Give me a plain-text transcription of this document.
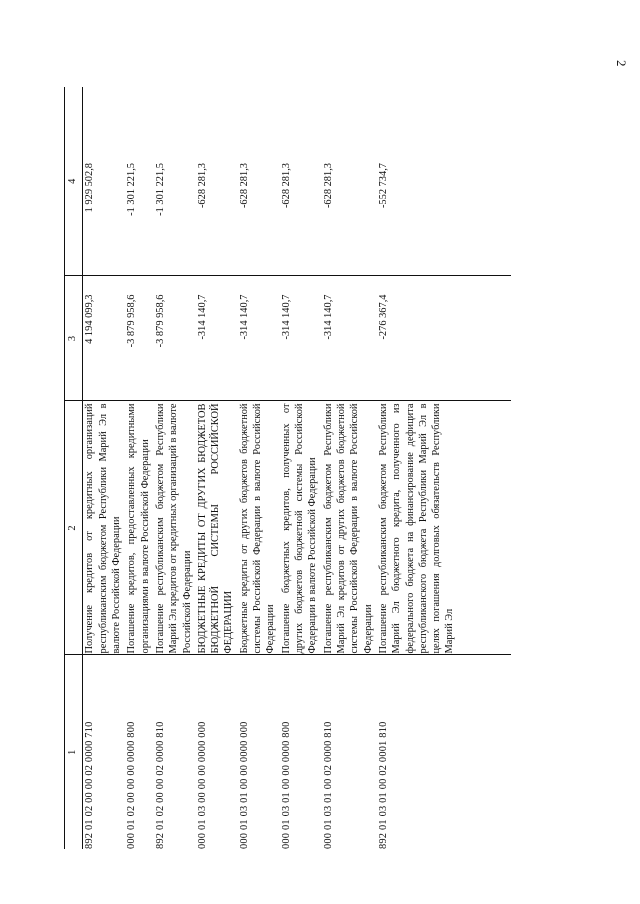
2
1	2	3	4
892 01 02 00 00 02 0000 710	Получение кредитов от кредитных организаций республиканским бюджетом Республики Марий Эл в валюте Российской Федерации	4 194 099,3	1 929 502,8
000 01 02 00 00 00 0000 800	Погашение кредитов, предоставленных кредитными организациями в валюте Российской Федерации	-3 879 958,6	-1 301 221,5
892 01 02 00 00 02 0000 810	Погашение республиканским бюджетом Республики Марий Эл кредитов от кредитных организаций в валюте Российской Федерации	-3 879 958,6	-1 301 221,5
000 01 03 00 00 00 0000 000	БЮДЖЕТНЫЕ КРЕДИТЫ ОТ ДРУГИХ БЮДЖЕТОВ БЮДЖЕТНОЙ СИСТЕМЫ РОССИЙСКОЙ ФЕДЕРАЦИИ	-314 140,7	-628 281,3
000 01 03 01 00 00 0000 000	Бюджетные кредиты от других бюджетов бюджетной системы Российской Федерации в валюте Российской Федерации	-314 140,7	-628 281,3
000 01 03 01 00 00 0000 800	Погашение бюджетных кредитов, полученных от других бюджетов бюджетной системы Российской Федерации в валюте Российской Федерации	-314 140,7	-628 281,3
000 01 03 01 00 02 0000 810	Погашение республиканским бюджетом Республики Марий Эл кредитов от других бюджетов бюджетной системы Российской Федерации в валюте Российской Федерации	-314 140,7	-628 281,3
892 01 03 01 00 02 0001 810	Погашение республиканским бюджетом Республики Марий Эл бюджетного кредита, полученного из федерального бюджета на финансирование дефицита республиканского бюджета Республики Марий Эл в целях погашения долговых обязательств Республики Марий Эл	-276 367,4	-552 734,7
